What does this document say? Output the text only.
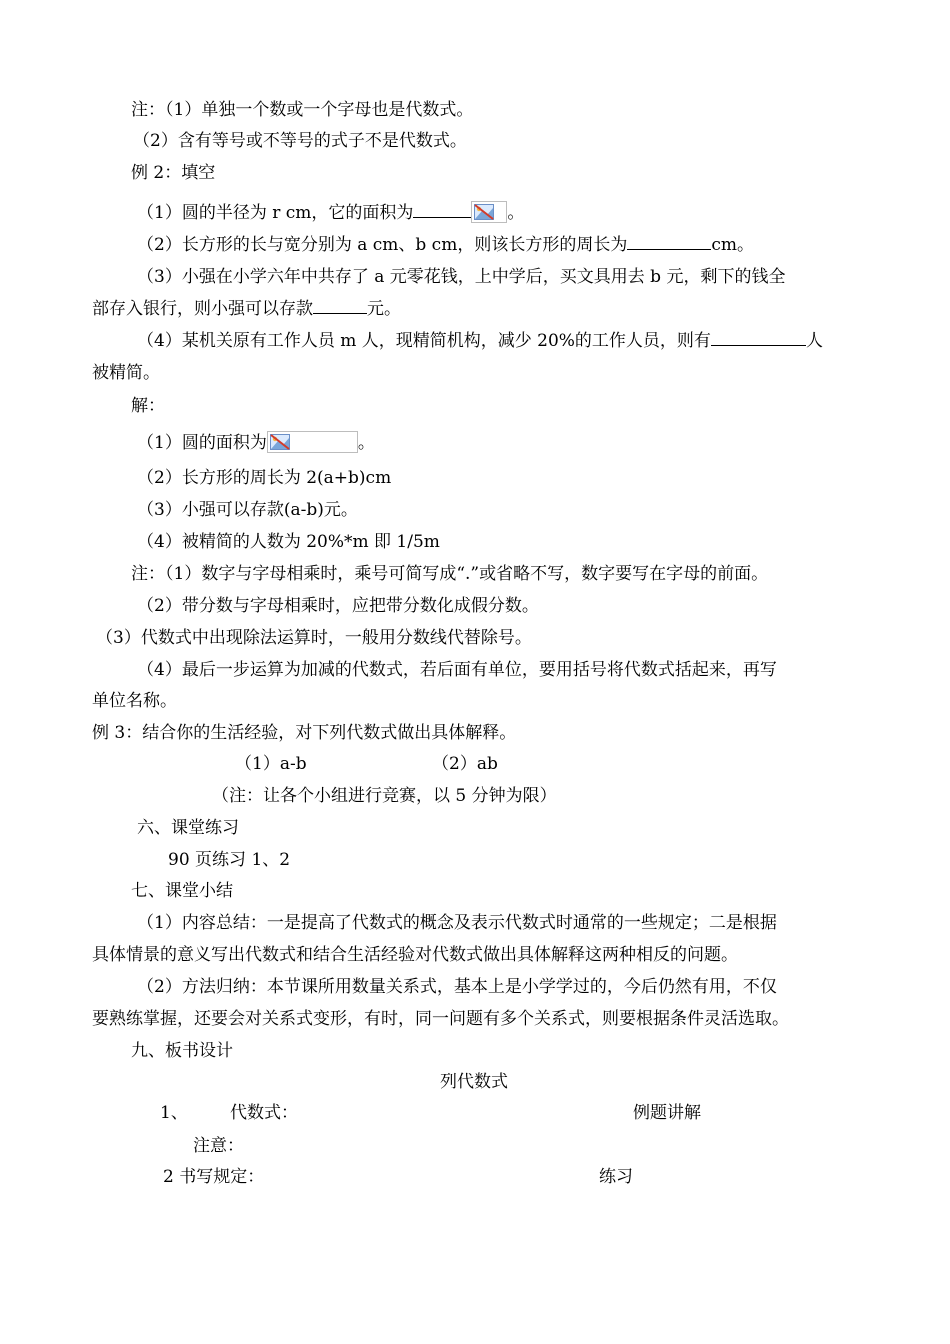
注：（1）单独一个数或一个字母也是代数式。
（2）含有等号或不等号的式子不是代数式。
例 2：填空
（1）圆的半径为 r cm，它的面积为	。
（2）长方形的长与宽分别为 a cm、b cm，则该长方形的周长为	cm。
（3）小强在小学六年中共存了 a 元零花钱，上中学后，买文具用去 b 元，剩下的钱全
部存入银行，则小强可以存款	元。
（4）某机关原有工作人员 m 人，现精简机构，减少 20%的工作人员，则有	人
被精简。
解：
（1）圆的面积为	。
（2）长方形的周长为 2(a+b)cm
（3）小强可以存款(a-b)元。
（4）被精简的人数为 20%*m 即 1/5m
注：（1）数字与字母相乘时，乘号可简写成“.”或省略不写，数字要写在字母的前面。
（2）带分数与字母相乘时，应把带分数化成假分数。
（3）代数式中出现除法运算时，一般用分数线代替除号。
（4）最后一步运算为加减的代数式，若后面有单位，要用括号将代数式括起来，再写
单位名称。
例 3：结合你的生活经验，对下列代数式做出具体解释。
（1）a-b	（2）ab
（注：让各个小组进行竞赛，以 5 分钟为限）
六、课堂练习
90 页练习 1、2
七、课堂小结
（1）内容总结：一是提高了代数式的概念及表示代数式时通常的一些规定；二是根据
具体情景的意义写出代数式和结合生活经验对代数式做出具体解释这两种相反的问题。
（2）方法归纳：本节课所用数量关系式，基本上是小学学过的，今后仍然有用，不仅
要熟练掌握，还要会对关系式变形，有时，同一问题有多个关系式，则要根据条件灵活选取。
九、板书设计
列代数式
1、 代数式：	例题讲解
注意：
2 书写规定：	练习
